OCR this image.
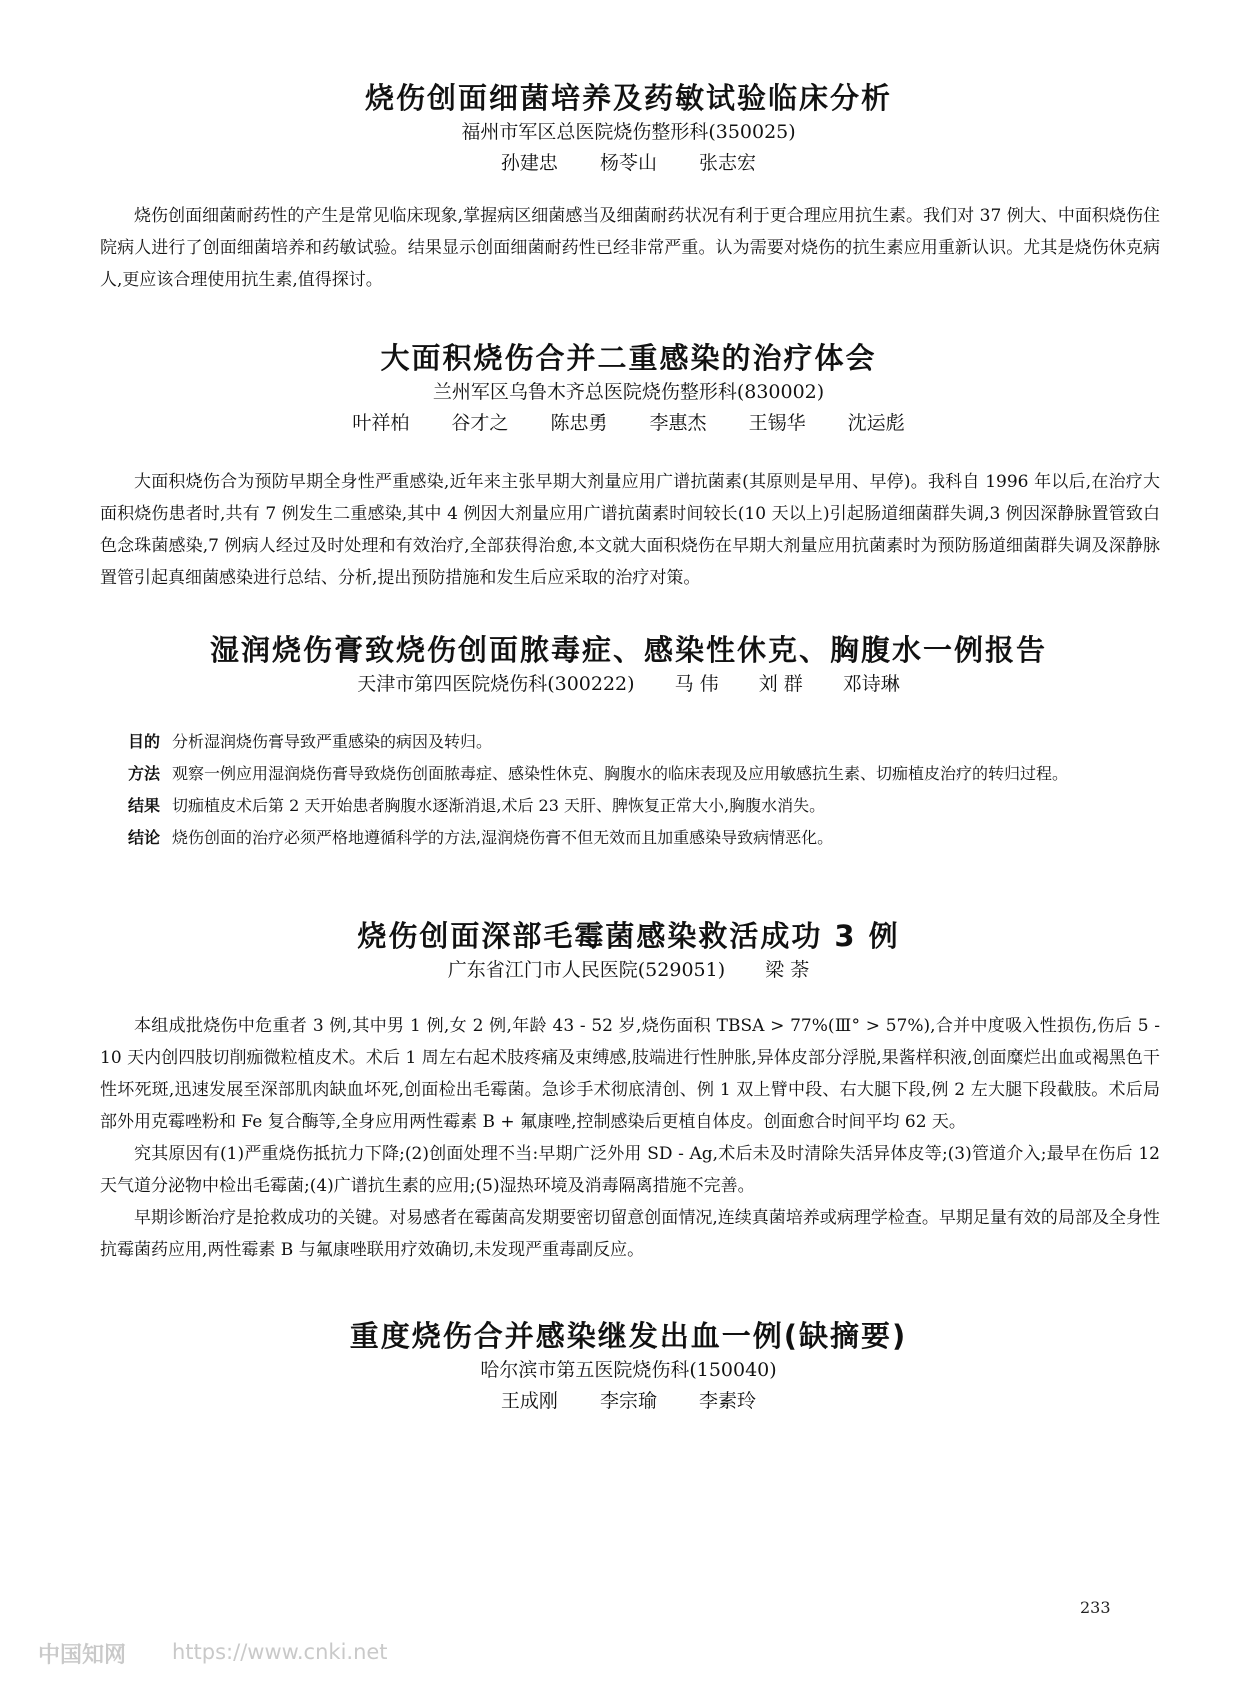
烧伤创面细菌培养及药敏试验临床分析
福州市军区总医院烧伤整形科(350025)
孙建忠 杨苓山 张志宏

烧伤创面细菌耐药性的产生是常见临床现象,掌握病区细菌感当及细菌耐药状况有利于更合理应用抗生素。我们对 37 例大、中面积烧伤住院病人进行了创面细菌培养和药敏试验。结果显示创面细菌耐药性已经非常严重。认为需要对烧伤的抗生素应用重新认识。尤其是烧伤休克病人,更应该合理使用抗生素,值得探讨。

大面积烧伤合并二重感染的治疗体会
兰州军区乌鲁木齐总医院烧伤整形科(830002)
叶祥柏 谷才之 陈忠勇 李惠杰 王锡华 沈运彪

大面积烧伤合为预防早期全身性严重感染,近年来主张早期大剂量应用广谱抗菌素(其原则是早用、早停)。我科自 1996 年以后,在治疗大面积烧伤患者时,共有 7 例发生二重感染,其中 4 例因大剂量应用广谱抗菌素时间较长(10 天以上)引起肠道细菌群失调,3 例因深静脉置管致白色念珠菌感染,7 例病人经过及时处理和有效治疗,全部获得治愈,本文就大面积烧伤在早期大剂量应用抗菌素时为预防肠道细菌群失调及深静脉置管引起真细菌感染进行总结、分析,提出预防措施和发生后应采取的治疗对策。

湿润烧伤膏致烧伤创面脓毒症、感染性休克、胸腹水一例报告
天津市第四医院烧伤科(300222) 马 伟 刘 群 邓诗琳
目的 分析湿润烧伤膏导致严重感染的病因及转归。
方法 观察一例应用湿润烧伤膏导致烧伤创面脓毒症、感染性休克、胸腹水的临床表现及应用敏感抗生素、切痂植皮治疗的转归过程。
结果 切痂植皮术后第 2 天开始患者胸腹水逐渐消退,术后 23 天肝、脾恢复正常大小,胸腹水消失。
结论 烧伤创面的治疗必须严格地遵循科学的方法,湿润烧伤膏不但无效而且加重感染导致病情恶化。
烧伤创面深部毛霉菌感染救活成功 3 例
广东省江门市人民医院(529051) 梁 荼

本组成批烧伤中危重者 3 例,其中男 1 例,女 2 例,年龄 43 - 52 岁,烧伤面积 TBSA > 77%(Ⅲ° > 57%),合并中度吸入性损伤,伤后 5 - 10 天内创四肢切削痂微粒植皮术。术后 1 周左右起术肢疼痛及束缚感,肢端进行性肿胀,异体皮部分浮脱,果酱样积液,创面糜烂出血或褐黑色干性坏死斑,迅速发展至深部肌肉缺血坏死,创面检出毛霉菌。急诊手术彻底清创、例 1 双上臂中段、右大腿下段,例 2 左大腿下段截肢。术后局部外用克霉唑粉和 Fe 复合酶等,全身应用两性霉素 B + 氟康唑,控制感染后更植自体皮。创面愈合时间平均 62 天。

究其原因有(1)严重烧伤抵抗力下降;(2)创面处理不当:早期广泛外用 SD - Ag,术后未及时清除失活异体皮等;(3)管道介入;最早在伤后 12 天气道分泌物中检出毛霉菌;(4)广谱抗生素的应用;(5)湿热环境及消毒隔离措施不完善。

早期诊断治疗是抢救成功的关键。对易感者在霉菌高发期要密切留意创面情况,连续真菌培养或病理学检查。早期足量有效的局部及全身性抗霉菌药应用,两性霉素 B 与氟康唑联用疗效确切,未发现严重毒副反应。

重度烧伤合并感染继发出血一例(缺摘要)
哈尔滨市第五医院烧伤科(150040)
王成刚 李宗瑜 李素玲
233
中国知网 https://www.cnki.net
